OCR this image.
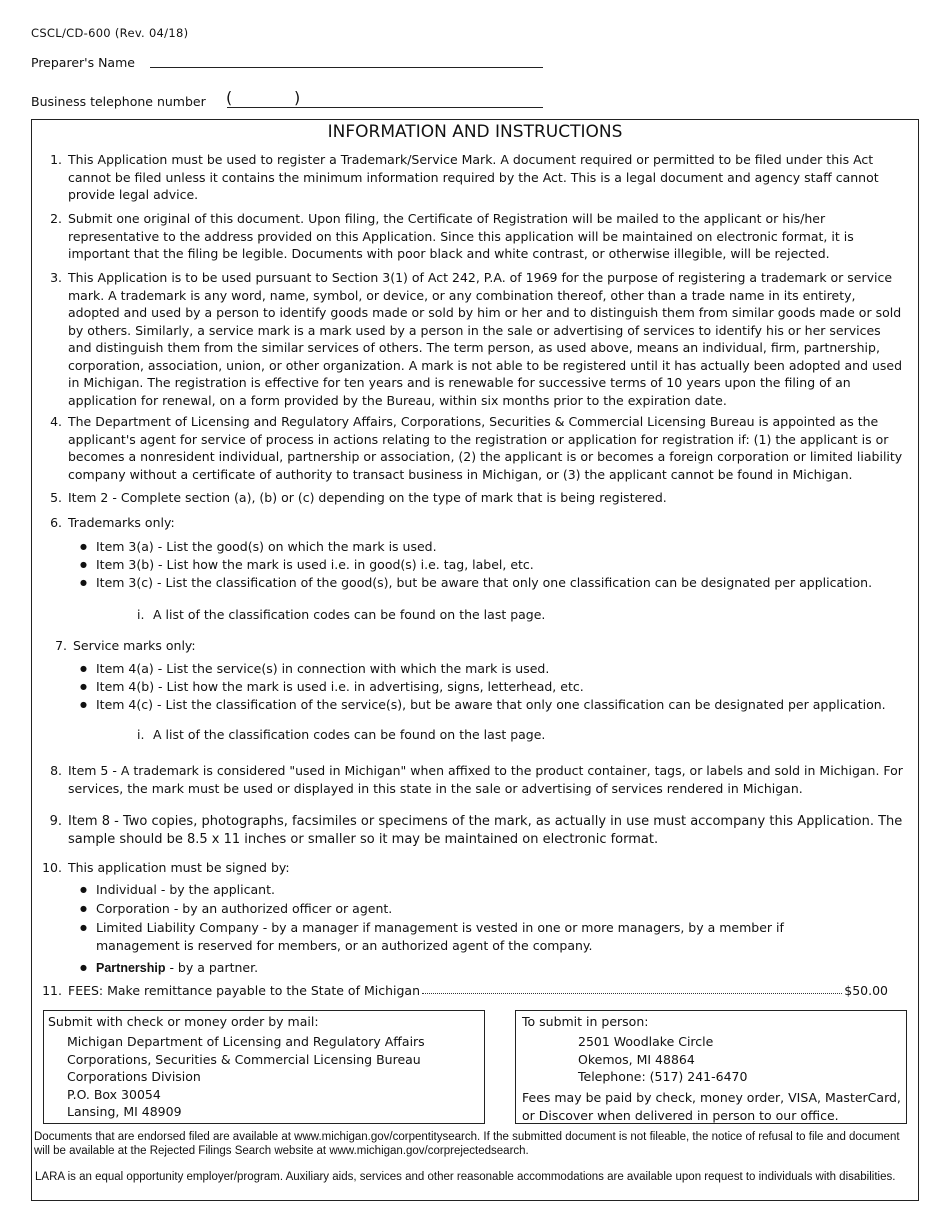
CSCL/CD-600 (Rev. 04/18)
Preparer's Name
Business telephone number (	)
INFORMATION AND INSTRUCTIONS
1. This Application must be used to register a Trademark/Service Mark. A document required or permitted to be filed under this Act cannot be filed unless it contains the minimum information required by the Act. This is a legal document and agency staff cannot provide legal advice.
2. Submit one original of this document. Upon filing, the Certificate of Registration will be mailed to the applicant or his/her representative to the address provided on this Application. Since this application will be maintained on electronic format, it is important that the filing be legible. Documents with poor black and white contrast, or otherwise illegible, will be rejected.
3. This Application is to be used pursuant to Section 3(1) of Act 242, P.A. of 1969 for the purpose of registering a trademark or service mark. A trademark is any word, name, symbol, or device, or any combination thereof, other than a trade name in its entirety, adopted and used by a person to identify goods made or sold by him or her and to distinguish them from similar goods made or sold by others. Similarly, a service mark is a mark used by a person in the sale or advertising of services to identify his or her services and distinguish them from the similar services of others. The term person, as used above, means an individual, firm, partnership, corporation, association, union, or other organization. A mark is not able to be registered until it has actually been adopted and used in Michigan. The registration is effective for ten years and is renewable for successive terms of 10 years upon the filing of an application for renewal, on a form provided by the Bureau, within six months prior to the expiration date.
4. The Department of Licensing and Regulatory Affairs, Corporations, Securities & Commercial Licensing Bureau is appointed as the applicant's agent for service of process in actions relating to the registration or application for registration if: (1) the applicant is or becomes a nonresident individual, partnership or association, (2) the applicant is or becomes a foreign corporation or limited liability company without a certificate of authority to transact business in Michigan, or (3) the applicant cannot be found in Michigan.
5. Item 2 - Complete section (a), (b) or (c) depending on the type of mark that is being registered.
6. Trademarks only:
● Item 3(a) - List the good(s) on which the mark is used.
● Item 3(b) - List how the mark is used i.e. in good(s) i.e. tag, label, etc.
● Item 3(c) - List the classification of the good(s), but be aware that only one classification can be designated per application.
i. A list of the classification codes can be found on the last page.
7. Service marks only:
● Item 4(a) - List the service(s) in connection with which the mark is used.
● Item 4(b) - List how the mark is used i.e. in advertising, signs, letterhead, etc.
● Item 4(c) - List the classification of the service(s), but be aware that only one classification can be designated per application.
i. A list of the classification codes can be found on the last page.
8. Item 5 - A trademark is considered "used in Michigan" when affixed to the product container, tags, or labels and sold in Michigan. For services, the mark must be used or displayed in this state in the sale or advertising of services rendered in Michigan.
9. Item 8 - Two copies, photographs, facsimiles or specimens of the mark, as actually in use must accompany this Application. The sample should be 8.5 x 11 inches or smaller so it may be maintained on electronic format.
10. This application must be signed by:
● Individual - by the applicant.
● Corporation - by an authorized officer or agent.
● Limited Liability Company - by a manager if management is vested in one or more managers, by a member if management is reserved for members, or an authorized agent of the company.
● Partnership - by a partner.
11. FEES: Make remittance payable to the State of Michigan	$50.00
Submit with check or money order by mail:
Michigan Department of Licensing and Regulatory Affairs
Corporations, Securities & Commercial Licensing Bureau
Corporations Division
P.O. Box 30054
Lansing, MI 48909
To submit in person:
2501 Woodlake Circle
Okemos, MI 48864
Telephone: (517) 241-6470
Fees may be paid by check, money order, VISA, MasterCard, or Discover when delivered in person to our office.
Documents that are endorsed filed are available at www.michigan.gov/corpentitysearch. If the submitted document is not fileable, the notice of refusal to file and document will be available at the Rejected Filings Search website at www.michigan.gov/corprejectedsearch.
LARA is an equal opportunity employer/program. Auxiliary aids, services and other reasonable accommodations are available upon request to individuals with disabilities.
